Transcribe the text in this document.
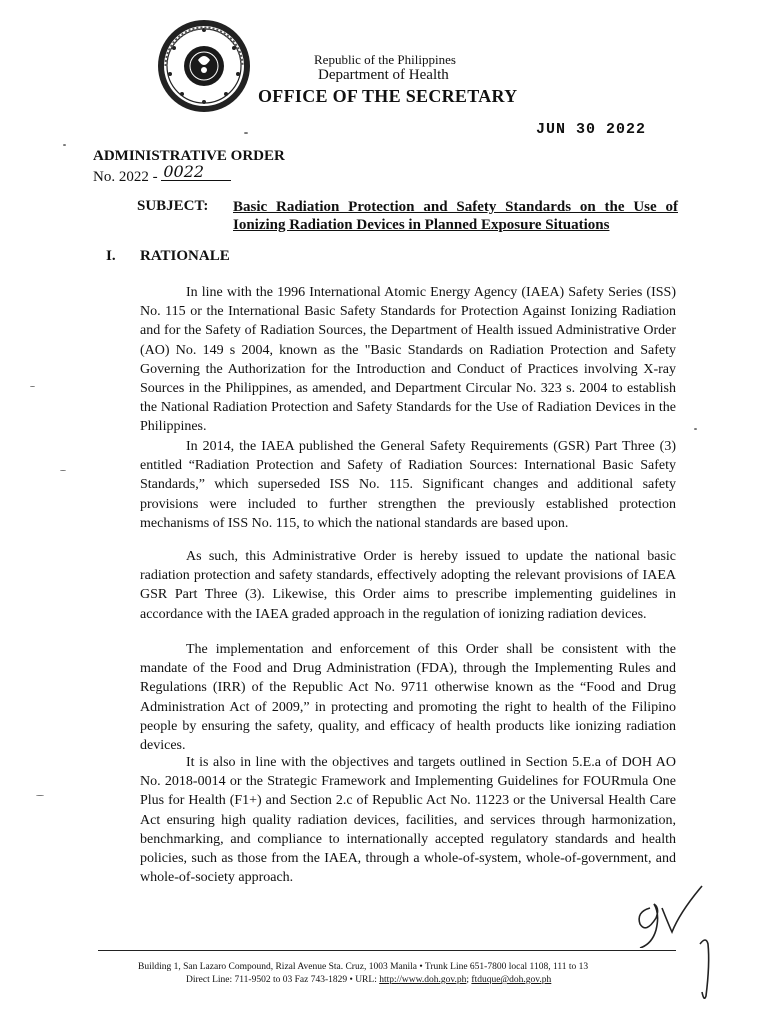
Republic of the Philippines
Department of Health
OFFICE OF THE SECRETARY
JUN 30 2022
ADMINISTRATIVE ORDER
No. 2022 - 0022
SUBJECT: Basic Radiation Protection and Safety Standards on the Use of Ionizing Radiation Devices in Planned Exposure Situations
I. RATIONALE
In line with the 1996 International Atomic Energy Agency (IAEA) Safety Series (ISS) No. 115 or the International Basic Safety Standards for Protection Against Ionizing Radiation and for the Safety of Radiation Sources, the Department of Health issued Administrative Order (AO) No. 149 s 2004, known as the "Basic Standards on Radiation Protection and Safety Governing the Authorization for the Introduction and Conduct of Practices involving X-ray Sources in the Philippines, as amended, and Department Circular No. 323 s. 2004 to establish the National Radiation Protection and Safety Standards for the Use of Radiation Devices in the Philippines.
In 2014, the IAEA published the General Safety Requirements (GSR) Part Three (3) entitled “Radiation Protection and Safety of Radiation Sources: International Basic Safety Standards,” which superseded ISS No. 115. Significant changes and additional safety provisions were included to further strengthen the previously established protection mechanisms of ISS No. 115, to which the national standards are based upon.
As such, this Administrative Order is hereby issued to update the national basic radiation protection and safety standards, effectively adopting the relevant provisions of IAEA GSR Part Three (3). Likewise, this Order aims to prescribe implementing guidelines in accordance with the IAEA graded approach in the regulation of ionizing radiation devices.
The implementation and enforcement of this Order shall be consistent with the mandate of the Food and Drug Administration (FDA), through the Implementing Rules and Regulations (IRR) of the Republic Act No. 9711 otherwise known as the “Food and Drug Administration Act of 2009,” in protecting and promoting the right to health of the Filipino people by ensuring the safety, quality, and efficacy of health products like ionizing radiation devices.
It is also in line with the objectives and targets outlined in Section 5.E.a of DOH AO No. 2018-0014 or the Strategic Framework and Implementing Guidelines for FOURmula One Plus for Health (F1+) and Section 2.c of Republic Act No. 11223 or the Universal Health Care Act ensuring high quality radiation devices, facilities, and services through harmonization, benchmarking, and compliance to internationally accepted regulatory standards and health policies, such as those from the IAEA, through a whole-of-system, whole-of-government, and whole-of-society approach.
Building 1, San Lazaro Compound, Rizal Avenue Sta. Cruz, 1003 Manila • Trunk Line 651-7800 local 1108, 111 to 13
Direct Line: 711-9502 to 03 Faz 743-1829 • URL: http://www.doh.gov.ph; ftduque@doh.gov.ph
